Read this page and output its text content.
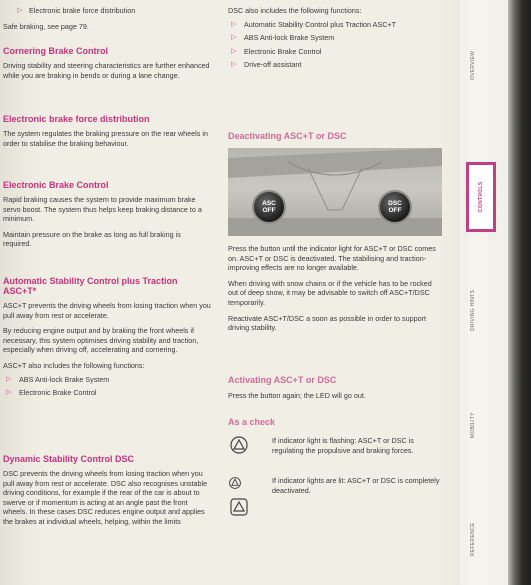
▷ Electronic brake force distribution

Safe braking, see page 79.

Cornering Brake Control

Driving stability and steering characteristics are further enhanced while you are braking in bends or during a lane change.

Electronic brake force distribution

The system regulates the braking pressure on the rear wheels in order to stabilise the braking behaviour.

Electronic Brake Control

Rapid braking causes the system to provide maximum brake servo boost. The system thus helps keep braking distance to a minimum.

Maintain pressure on the brake as long as full braking is required.

Automatic Stability Control plus Traction ASC+T*

ASC+T prevents the driving wheels from losing traction when you pull away from rest or accelerate.

By reducing engine output and by braking the front wheels if necessary, this system optimises driving stability and traction, especially when driving off, accelerating and cornering.

ASC+T also includes the following functions:

▷ ABS Anti-lock Brake System
▷ Electronic Brake Control
Dynamic Stability Control DSC

DSC prevents the driving wheels from losing traction when you pull away from rest or accelerate. DSC also recognises unstable driving conditions, for example if the rear of the car is about to swerve or if momentum is acting at an angle past the front wheels. In these cases DSC reduces engine output and applies the brakes at individual wheels, helping, within the limits

DSC also includes the following functions:

▷ Automatic Stability Control plus Traction ASC+T
▷ ABS Anti-lock Brake System
▷ Electronic Brake Control
▷ Drive-off assistant
Deactivating ASC+T or DSC
ASC
OFF
DSC
OFF

Press the button until the indicator light for ASC+T or DSC comes on. ASC+T or DSC is deactivated. The stabilising and traction-improving effects are no longer available.

When driving with snow chains or if the vehicle has to be rocked out of deep snow, it may be advisable to switch off ASC+T/DSC temporarily.

Reactivate ASC+T/DSC a soon as possible in order to support driving stability.

Activating ASC+T or DSC

Press the button again; the LED will go out.

As a check

If indicator light is flashing: ASC+T or DSC is regulating the propulsive and braking forces.

If indicator lights are lit: ASC+T or DSC is completely deactivated.

OVERVIEW
CONTROLS
DRIVING HINTS
MOBILITY
REFERENCE
